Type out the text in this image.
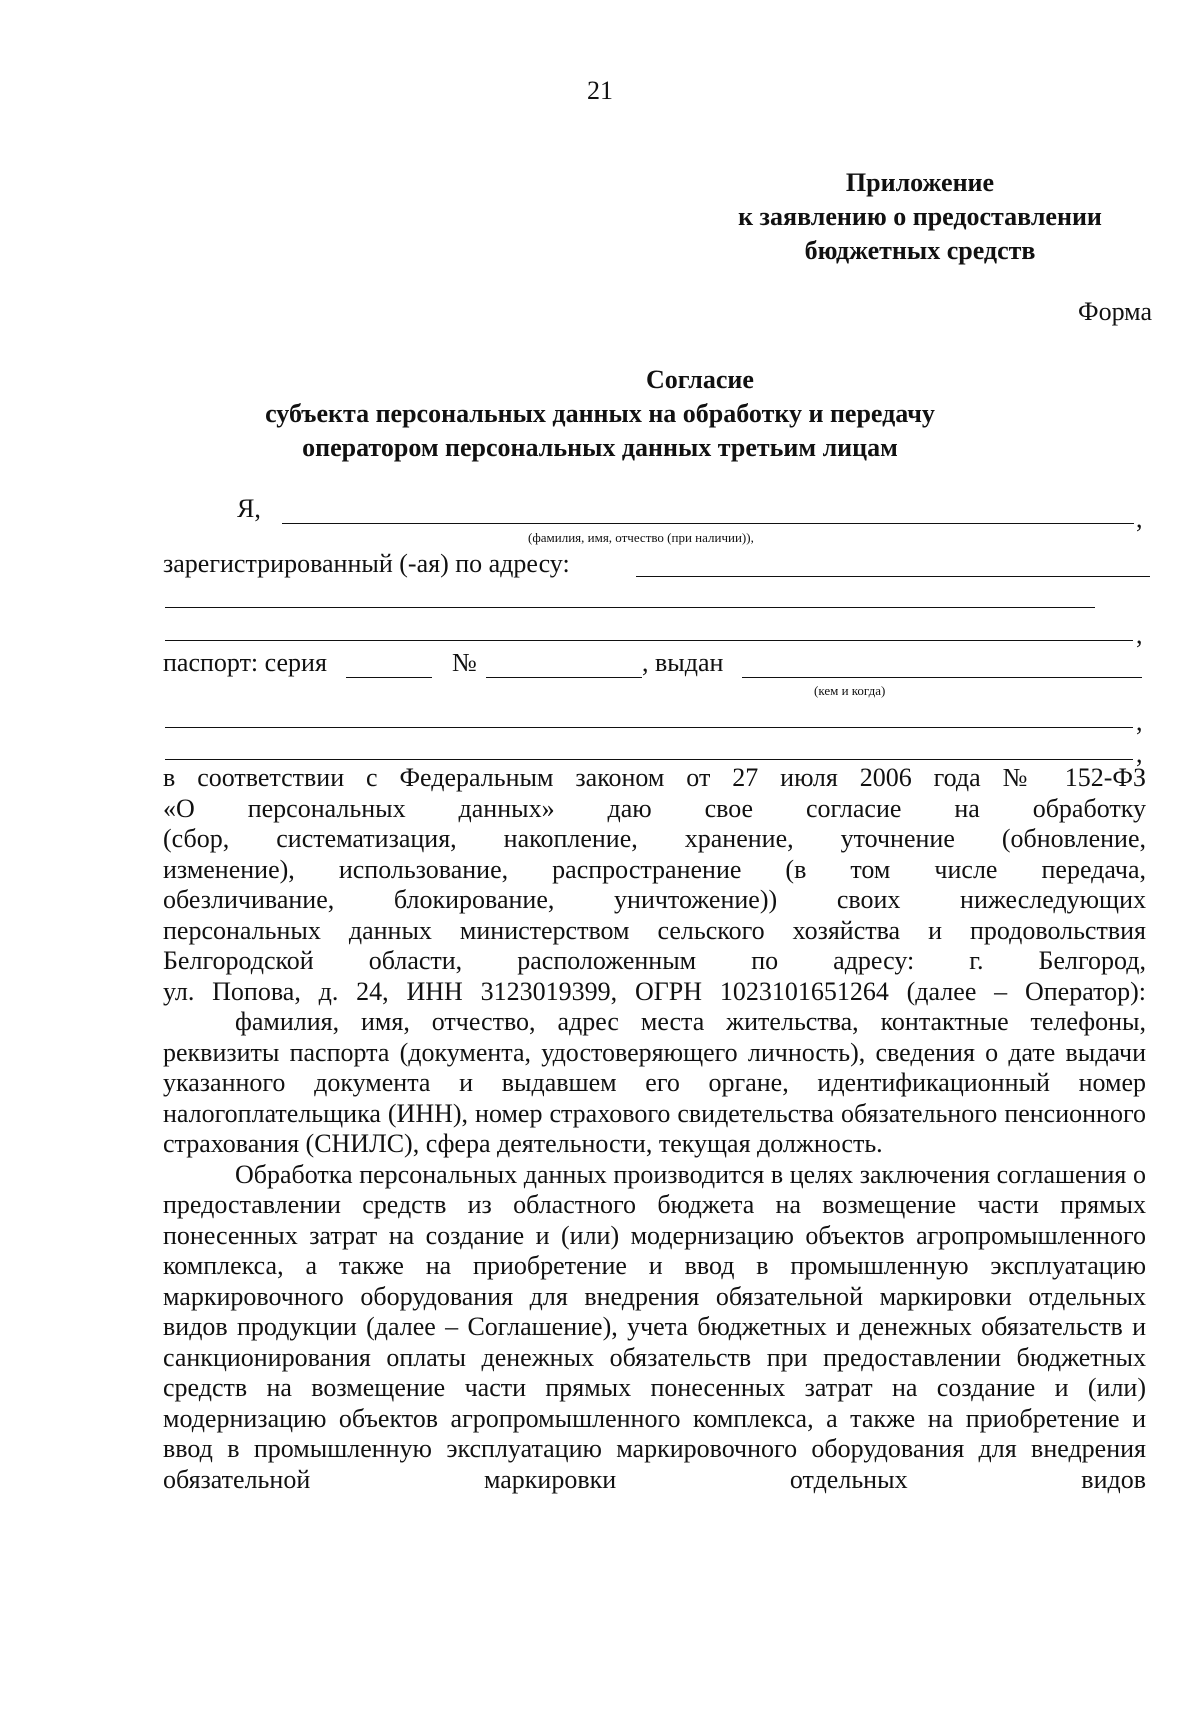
21
Приложение
к заявлению о предоставлении
бюджетных средств
Форма
Согласие
субъекта персональных данных на обработку и передачу
оператором персональных данных третьим лицам
Я,	,
(фамилия, имя, отчество (при наличии)),
зарегистрированный (-ая) по адресу:
,
паспорт: серия	№	, выдан
(кем и когда)
,
,

в соответствии с Федеральным законом от 27 июля 2006 года № 152-ФЗ

«О персональных данных» даю свое согласие на обработку

(сбор, систематизация, накопление, хранение, уточнение (обновление,

изменение), использование, распространение (в том числе передача,

обезличивание, блокирование, уничтожение)) своих нижеследующих

персональных данных министерством сельского хозяйства и продовольствия

Белгородской области, расположенным по адресу: г. Белгород,

ул. Попова, д. 24, ИНН 3123019399, ОГРН 1023101651264 (далее – Оператор):

фамилия, имя, отчество, адрес места жительства, контактные телефоны, реквизиты паспорта (документа, удостоверяющего личность), сведения о дате выдачи указанного документа и выдавшем его органе, идентификационный номер налогоплательщика (ИНН), номер страхового свидетельства обязательного пенсионного страхования (СНИЛС), сфера деятельности, текущая должность.

Обработка персональных данных производится в целях заключения соглашения о предоставлении средств из областного бюджета на возмещение части прямых понесенных затрат на создание и (или) модернизацию объектов агропромышленного комплекса, а также на приобретение и ввод в промышленную эксплуатацию маркировочного оборудования для внедрения обязательной маркировки отдельных видов продукции (далее – Соглашение), учета бюджетных и денежных обязательств и санкционирования оплаты денежных обязательств при предоставлении бюджетных средств на возмещение части прямых понесенных затрат на создание и (или) модернизацию объектов агропромышленного комплекса, а также на приобретение и ввод в промышленную эксплуатацию маркировочного оборудования для внедрения обязательной маркировки отдельных видов
